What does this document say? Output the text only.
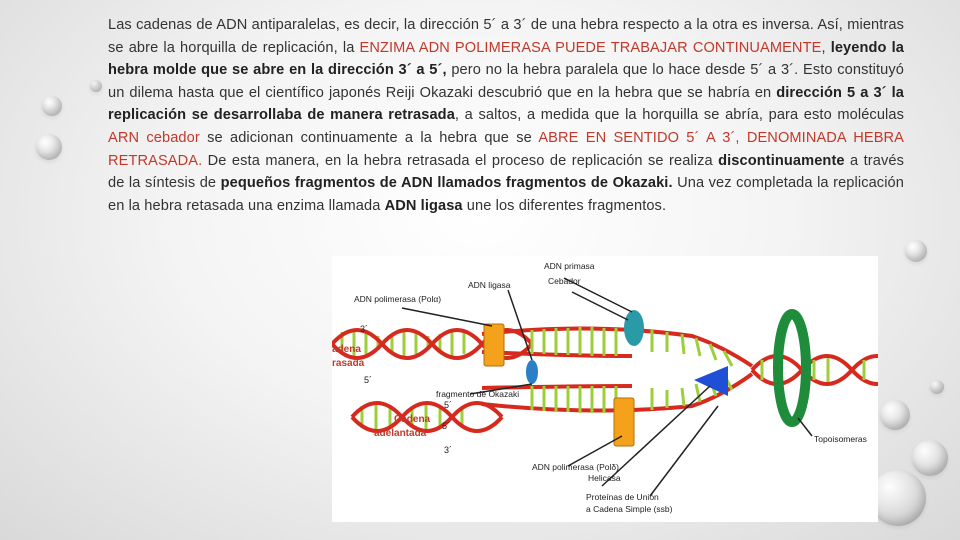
Las cadenas de ADN antiparalelas, es decir, la dirección 5´ a 3´ de una hebra respecto a la otra es inversa. Así, mientras se abre la horquilla de replicación, la ENZIMA ADN POLIMERASA PUEDE TRABAJAR CONTINUAMENTE, leyendo la hebra molde que se abre en la dirección 3´ a 5´, pero no la hebra paralela que lo hace desde 5´ a 3´. Esto constituyó un dilema hasta que el científico japonés Reiji Okazaki descubrió que en la hebra que se habría en dirección 5 a 3´ la replicación se desarrollaba de manera retrasada, a saltos, a medida que la horquilla se abría, para esto moléculas ARN cebador se adicionan continuamente a la hebra que se ABRE EN SENTIDO 5´ A 3´, DENOMINADA HEBRA RETRASADA. De esta manera, en la hebra retrasada el proceso de replicación se realiza discontinuamente a través de la síntesis de pequeños fragmentos de ADN llamados fragmentos de Okazaki. Una vez completada la replicación en la hebra retasada una enzima llamada ADN ligasa une los diferentes fragmentos.

ADN primasa
Cebador
ADN ligasa
ADN polimerasa (Polα)
adena
rasada
fragmento de Okazaki
Cadena
adelantada
ADN polimerasa (Polδ)
Helicasa
Proteínas de Unión
a Cadena Simple (ssb)
Topoisomeras
3´
5´
5´
5´
3´
